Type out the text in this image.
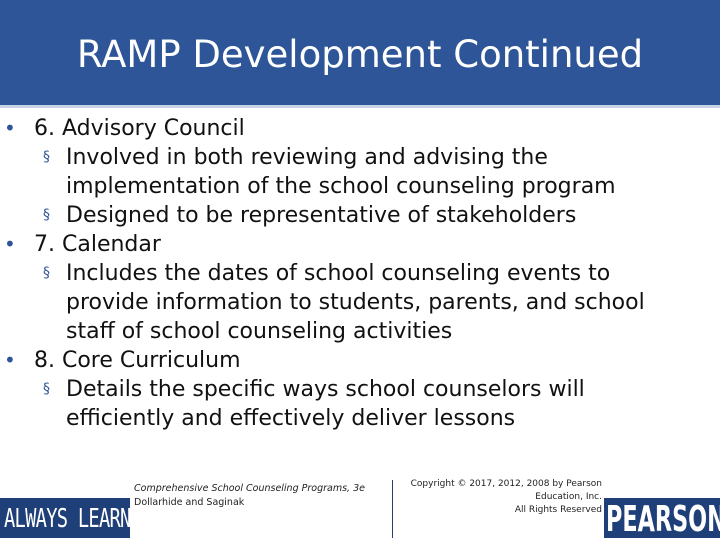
RAMP Development Continued
• 6. Advisory Council
§ Involved in both reviewing and advising the
implementation of the school counseling program
§ Designed to be representative of stakeholders
• 7. Calendar
§ Includes the dates of school counseling events to
provide information to students, parents, and school
staff of school counseling activities
• 8. Core Curriculum
§ Details the specific ways school counselors will
efficiently and effectively deliver lessons
ALWAYS LEARNING
Comprehensive School Counseling Programs, 3e
Dollarhide and Saginak
Copyright © 2017, 2012, 2008 by Pearson
Education, Inc.
All Rights Reserved PEARSON
